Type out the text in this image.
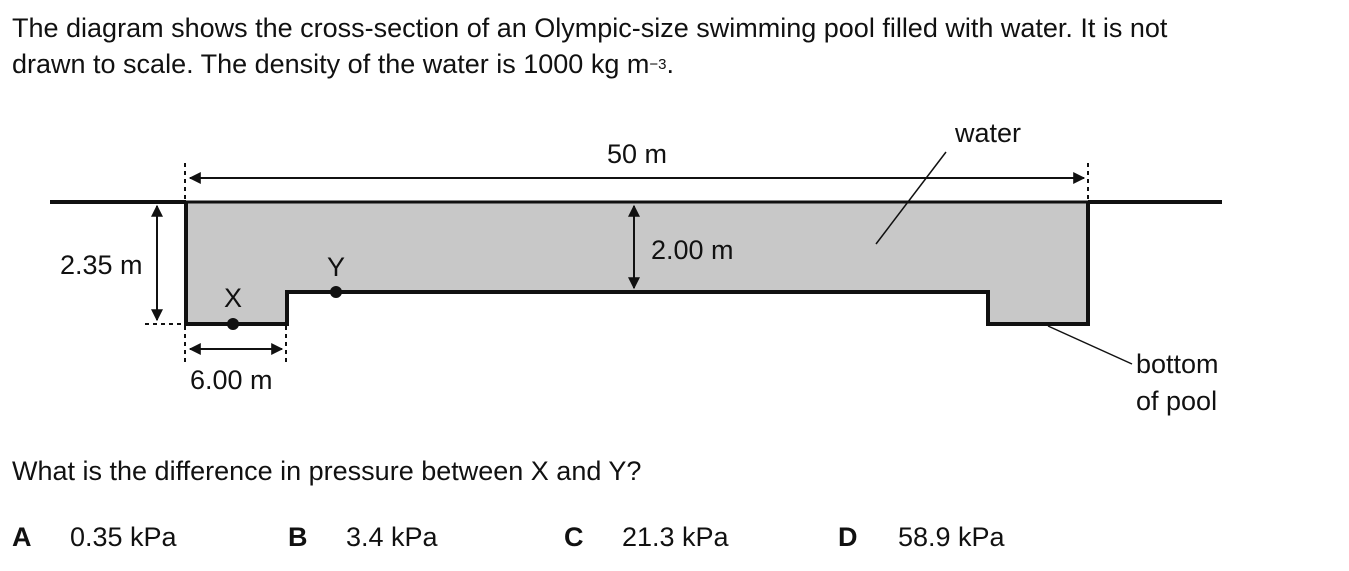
The diagram shows the cross-section of an Olympic-size swimming pool filled with water. It is not
drawn to scale. The density of the water is 1000 kg $m^{-3}$.
50 m
2.35 m	2.00 m
6.00 m
X
Y
water
bottom
of pool

What is the difference in pressure between X and Y?

A 0.35 kPa	B 3.4 kPa	C 21.3 kPa	D 58.9 kPa
